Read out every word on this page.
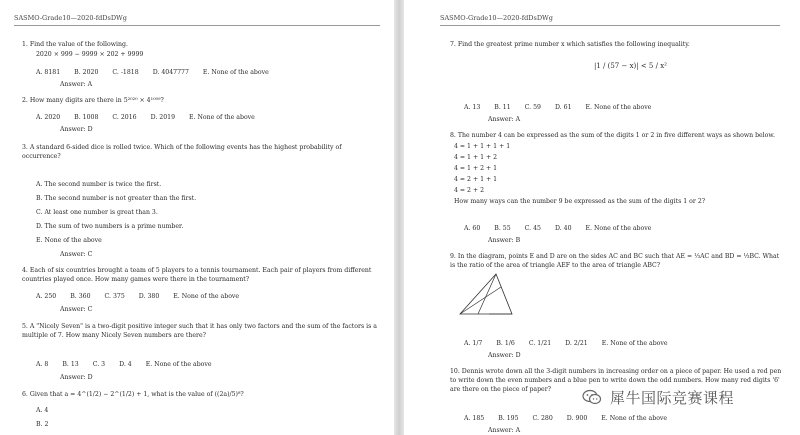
SASMO-Grade10—2020-fdDsDWg
1. Find the value of the following.
2020 × 999 − 9999 × 202 + 9999
A. 8181 B. 2020 C. -1818 D. 4047777 E. None of the above
Answer: A
2. How many digits are there in 5²⁰²⁰ × 4¹⁰⁰⁹?
A. 2020 B. 1008 C. 2016 D. 2019 E. None of the above
Answer: D
3. A standard 6-sided dice is rolled twice. Which of the following events has the highest probability of occurrence?
A. The second number is twice the first.
B. The second number is not greater than the first.
C. At least one number is great than 3.
D. The sum of two numbers is a prime number.
E. None of the above
Answer: C
4. Each of six countries brought a team of 5 players to a tennis tournament. Each pair of players from different countries played once. How many games were there in the tournament?
A. 250 B. 360 C. 375 D. 380 E. None of the above
Answer: C
5. A "Nicely Seven" is a two-digit positive integer such that it has only two factors and the sum of the factors is a multiple of 7. How many Nicely Seven numbers are there?
A. 8 B. 13 C. 3 D. 4 E. None of the above
Answer: D
6. Given that a = 4^(1/2) − 2^(1/2) + 1, what is the value of ((2a)/5)⁸?
A. 4
B. 2
SASMO-Grade10—2020-fdDsDWg
7. Find the greatest prime number x which satisfies the following inequality.
|1 / (57 − x)| < 5 / x²
A. 13 B. 11 C. 59 D. 61 E. None of the above
Answer: A
8. The number 4 can be expressed as the sum of the digits 1 or 2 in five different ways as shown below.
4 = 1 + 1 + 1 + 1
4 = 1 + 1 + 2
4 = 1 + 2 + 1
4 = 2 + 1 + 1
4 = 2 + 2
How many ways can the number 9 be expressed as the sum of the digits 1 or 2?
A. 60 B. 55 C. 45 D. 40 E. None of the above
Answer: B
9. In the diagram, points E and D are on the sides AC and BC such that AE = ⅓AC and BD = ⅓BC. What is the ratio of the area of triangle AEF to the area of triangle ABC?
A. 1/7 B. 1/6 C. 1/21 D. 2/21 E. None of the above
Answer: D
10. Dennis wrote down all the 3-digit numbers in increasing order on a piece of paper. He used a red pen to write down the even numbers and a blue pen to write down the odd numbers. How many red digits '6' are there on the piece of paper?
A. 185 B. 195 C. 280 D. 900 E. None of the above
Answer: A
犀牛国际竞赛课程
